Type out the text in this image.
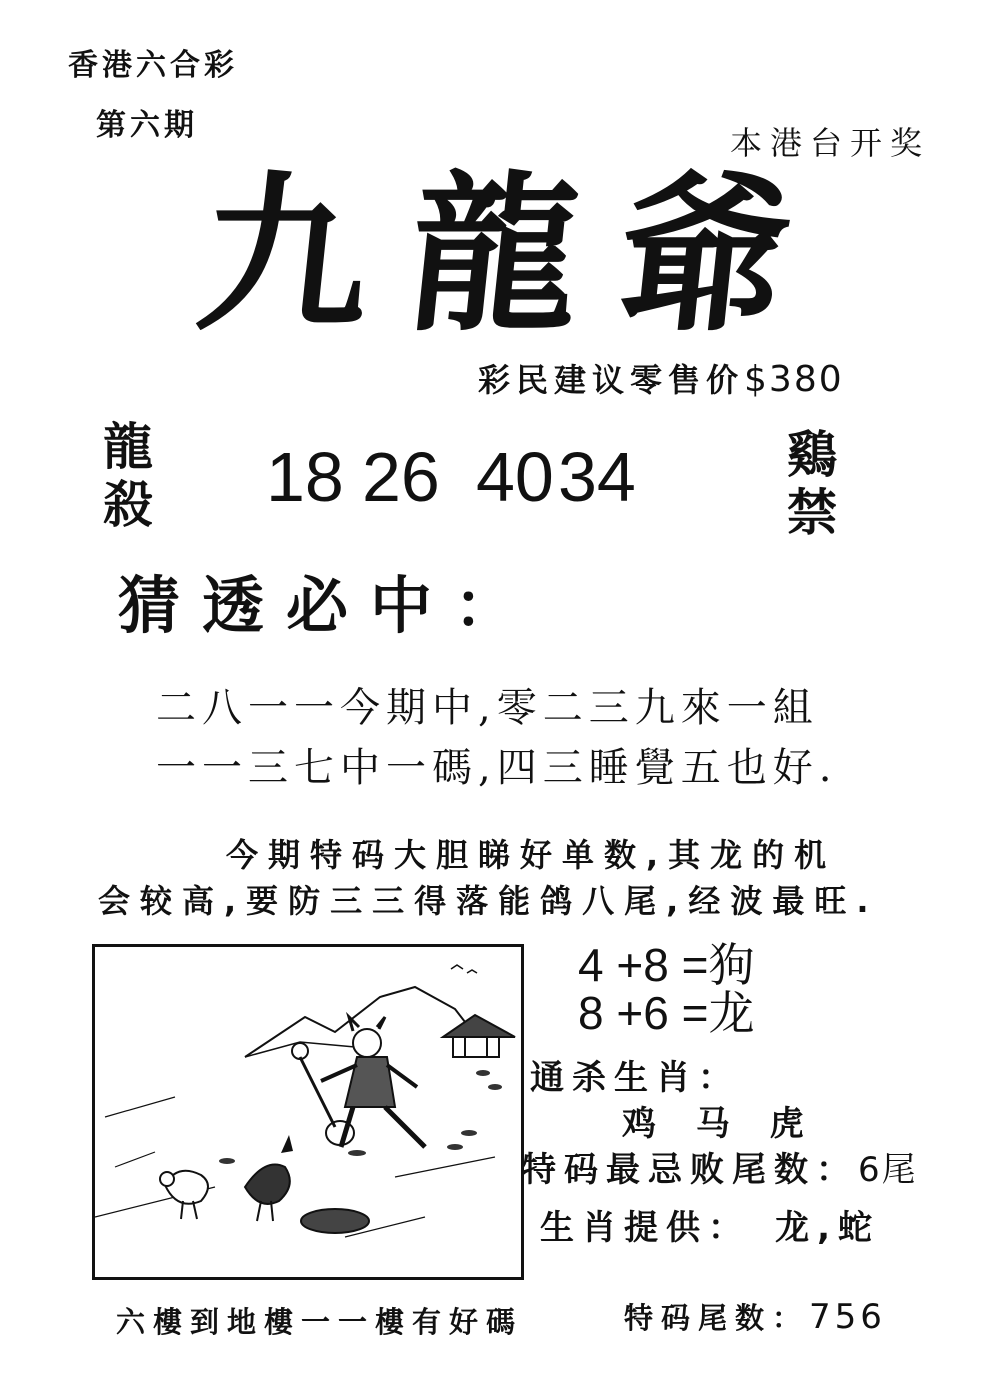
香港六合彩
第六期	本港台开奖
九龍爺
彩民建议零售价$380
龍殺
鷄禁
18 26 40 34
猜透必中：
二八一一今期中,零二三九來一組
一一三七中一碼,四三睡覺五也好.
今期特码大胆睇好单数,其龙的机
会较高,要防三三得落能鸽八尾,经波最旺.
4 +8 =狗
8 +6 =龙
通杀生肖：
鸡 马 虎
特码最忌败尾数：6尾
生肖提供： 龙,蛇
六樓到地樓一一樓有好碼	特码尾数：756
